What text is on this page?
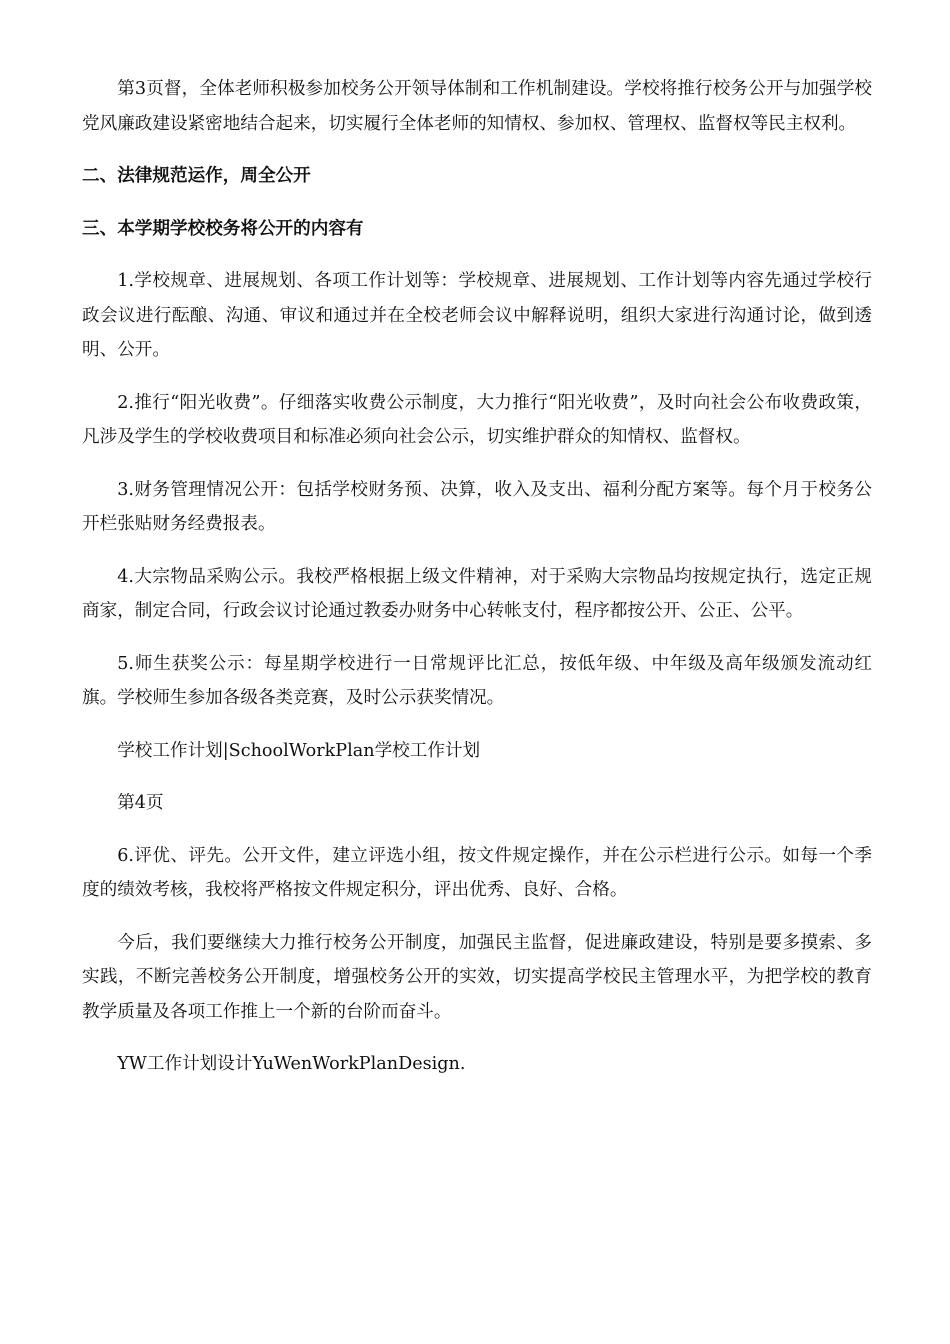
第3页督，全体老师积极参加校务公开领导体制和工作机制建设。学校将推行校务公开与加强学校党风廉政建设紧密地结合起来，切实履行全体老师的知情权、参加权、管理权、监督权等民主权利。

二、法律规范运作，周全公开

三、本学期学校校务将公开的内容有

1.学校规章、进展规划、各项工作计划等：学校规章、进展规划、工作计划等内容先通过学校行政会议进行酝酿、沟通、审议和通过并在全校老师会议中解释说明，组织大家进行沟通讨论，做到透明、公开。

2.推行“阳光收费”。仔细落实收费公示制度，大力推行“阳光收费”，及时向社会公布收费政策，凡涉及学生的学校收费项目和标准必须向社会公示，切实维护群众的知情权、监督权。

3.财务管理情况公开：包括学校财务预、决算，收入及支出、福利分配方案等。每个月于校务公开栏张贴财务经费报表。

4.大宗物品采购公示。我校严格根据上级文件精神，对于采购大宗物品均按规定执行，选定正规商家，制定合同，行政会议讨论通过教委办财务中心转帐支付，程序都按公开、公正、公平。

5.师生获奖公示：每星期学校进行一日常规评比汇总，按低年级、中年级及高年级颁发流动红旗。学校师生参加各级各类竞赛，及时公示获奖情况。

学校工作计划|SchoolWorkPlan学校工作计划

第4页

6.评优、评先。公开文件，建立评选小组，按文件规定操作，并在公示栏进行公示。如每一个季度的绩效考核，我校将严格按文件规定积分，评出优秀、良好、合格。

今后，我们要继续大力推行校务公开制度，加强民主监督，促进廉政建设，特别是要多摸索、多实践，不断完善校务公开制度，增强校务公开的实效，切实提高学校民主管理水平，为把学校的教育教学质量及各项工作推上一个新的台阶而奋斗。

YW工作计划设计YuWenWorkPlanDesign.
